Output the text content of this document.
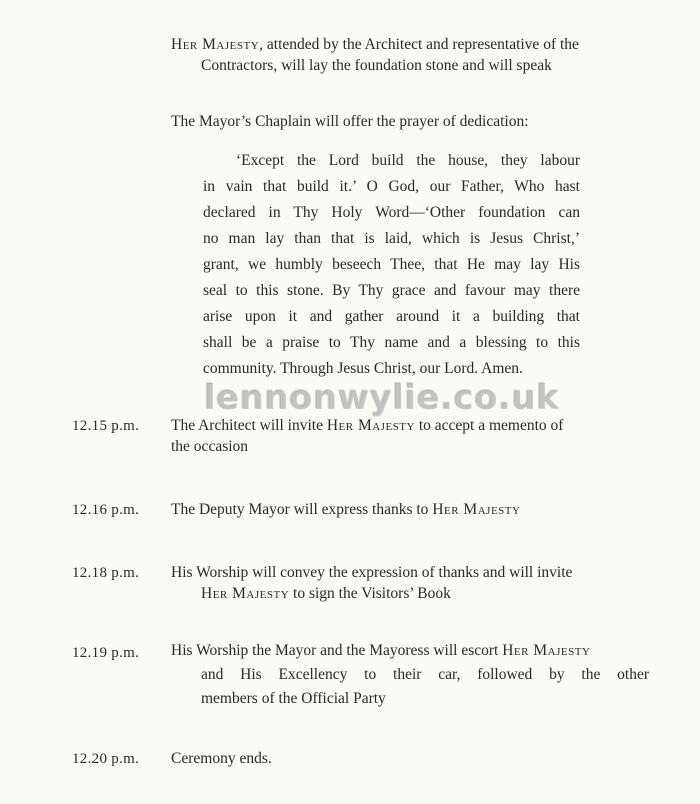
Her Majesty, attended by the Architect and representative of the
Contractors, will lay the foundation stone and will speak
The Mayor’s Chaplain will offer the prayer of dedication:
‘Except the Lord build the house, they labour
in vain that build it.’ O God, our Father, Who hast
declared in Thy Holy Word—‘Other foundation can
no man lay than that is laid, which is Jesus Christ,’
grant, we humbly beseech Thee, that He may lay His
seal to this stone. By Thy grace and favour may there
arise upon it and gather around it a building that
shall be a praise to Thy name and a blessing to this
community. Through Jesus Christ, our Lord. Amen.
lennonwylie.co.uk
12.15 p.m. The Architect will invite Her Majesty to accept a memento of
the occasion
12.16 p.m. The Deputy Mayor will express thanks to Her Majesty
12.18 p.m. His Worship will convey the expression of thanks and will invite
Her Majesty to sign the Visitors’ Book
12.19 p.m. His Worship the Mayor and the Mayoress will escort Her Majesty
and His Excellency to their car, followed by the other
members of the Official Party
12.20 p.m. Ceremony ends.
